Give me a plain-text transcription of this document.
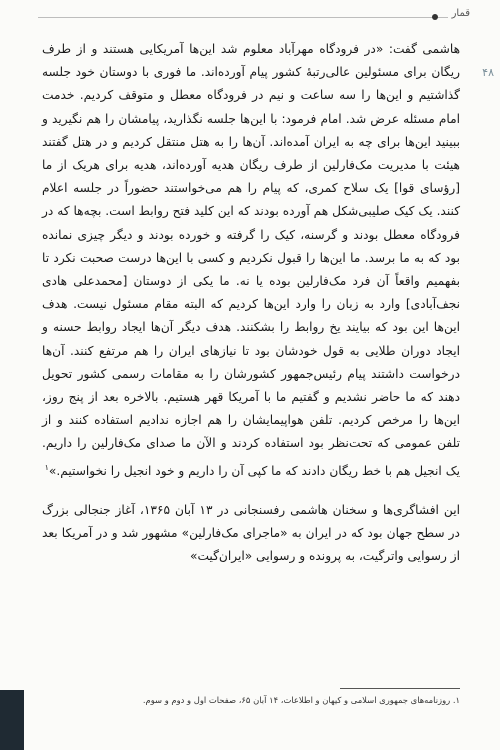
قمار
۴۸

هاشمی گفت: «در فرودگاه مهرآباد معلوم شد این‌ها آمریکایی هستند و از طرف ریگان برای مسئولین عالی‌رتبهٔ کشور پیام آورده‌اند. ما فوری با دوستان خود جلسه گذاشتیم و این‌ها را سه ساعت و نیم در فرودگاه معطل و متوقف کردیم. خدمت امام مسئله عرض شد. امام فرمود: با این‌ها جلسه نگذارید، پیامشان را هم نگیرید و ببینید این‌ها برای چه به ایران آمده‌اند. آن‌ها را به هتل منتقل کردیم و در هتل گفتند هیئت با مدیریت مک‌فارلین از طرف ریگان هدیه آورده‌اند، هدیه برای هریک از ما [رؤسای قوا] یک سلاح کمری، که پیام را هم می‌خواستند حضوراً در جلسه اعلام کنند. یک کیک صلیبی‌شکل هم آورده بودند که این کلید فتح روابط است. بچه‌ها که در فرودگاه معطل بودند و گرسنه، کیک را گرفته و خورده بودند و دیگر چیزی نمانده بود که به ما برسد. ما این‌ها را قبول نکردیم و کسی با این‌ها درست صحبت نکرد تا بفهمیم واقعاً آن فرد مک‌فارلین بوده یا نه. ما یکی از دوستان [محمدعلی هادی نجف‌آبادی] وارد به زبان را وارد این‌ها کردیم که البته مقام مسئول نیست. هدف این‌ها این بود که بیایند یخ روابط را بشکنند. هدف دیگر آن‌ها ایجاد روابط حسنه و ایجاد دوران طلایی به قول خودشان بود تا نیازهای ایران را هم مرتفع کنند. آن‌ها درخواست داشتند پیام رئیس‌جمهور کشورشان را به مقامات رسمی کشور تحویل دهند که ما حاضر نشدیم و گفتیم ما با آمریکا قهر هستیم. بالاخره بعد از پنج روز، این‌ها را مرخص کردیم. تلفن هواپیمایشان را هم اجازه ندادیم استفاده کنند و از تلفن عمومی که تحت‌نظر بود استفاده کردند و الآن ما صدای مک‌فارلین را داریم. یک انجیل هم با خط ریگان دادند که ما کپی آن را داریم و خود انجیل را نخواستیم.»$^۱$

این افشاگری‌ها و سخنان هاشمی رفسنجانی در ۱۳ آبان ۱۳۶۵، آغاز جنجالی بزرگ در سطح جهان بود که در ایران به «ماجرای مک‌فارلین» مشهور شد و در آمریکا بعد از رسوایی واترگیت، به پرونده و رسوایی «ایران‌گیت»

۱. روزنامه‌های جمهوری اسلامی و کیهان و اطلاعات، ۱۴ آبان ۶۵، صفحات اول و دوم و سوم.
